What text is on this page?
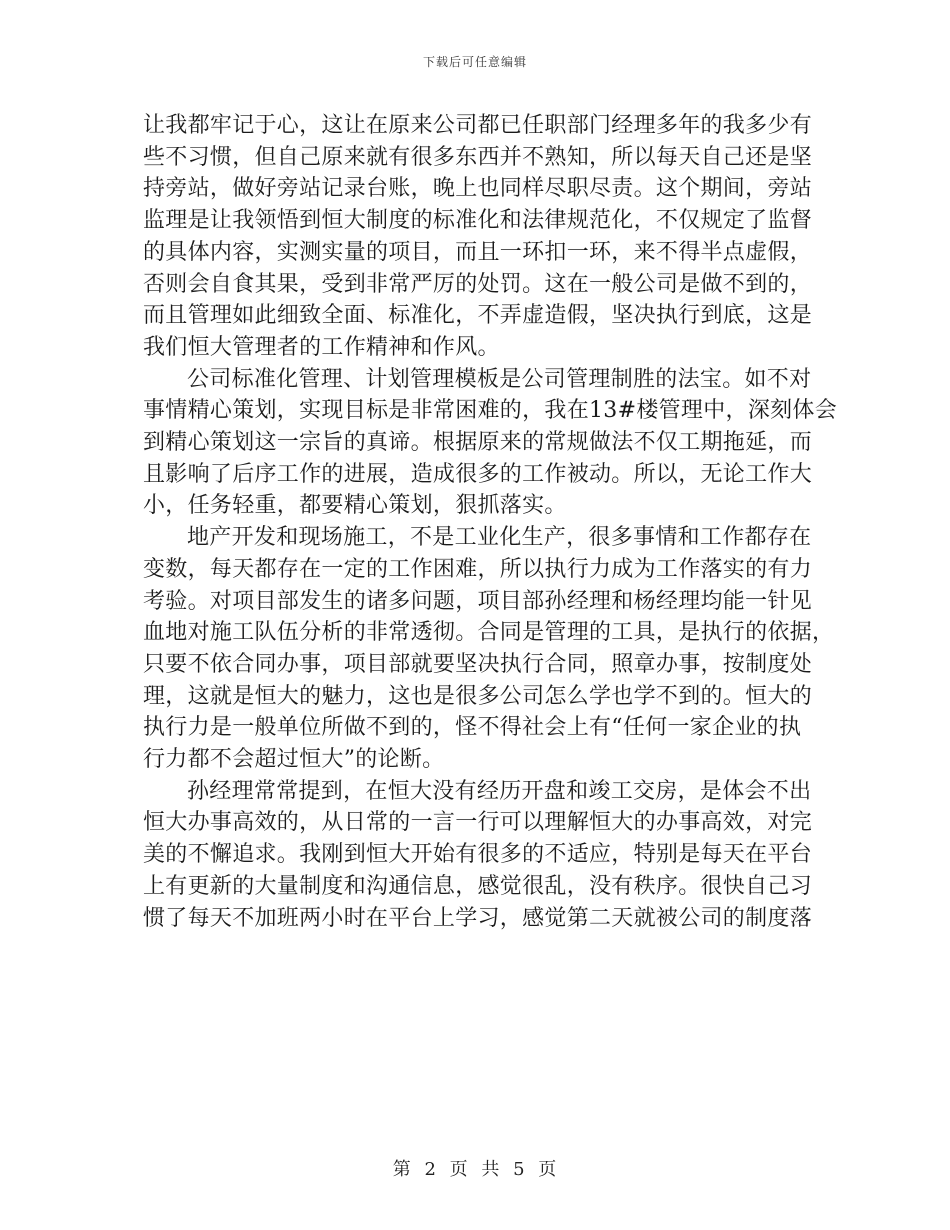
下载后可任意编辑
让我都牢记于心，这让在原来公司都已任职部门经理多年的我多少有
些不习惯，但自己原来就有很多东西并不熟知，所以每天自己还是坚
持旁站，做好旁站记录台账，晚上也同样尽职尽责。这个期间，旁站
监理是让我领悟到恒大制度的标准化和法律规范化，不仅规定了监督
的具体内容，实测实量的项目，而且一环扣一环，来不得半点虚假，
否则会自食其果，受到非常严厉的处罚。这在一般公司是做不到的，
而且管理如此细致全面、标准化，不弄虚造假，坚决执行到底，这是
我们恒大管理者的工作精神和作风。
公司标准化管理、计划管理模板是公司管理制胜的法宝。如不对
事情精心策划，实现目标是非常困难的，我在13#楼管理中，深刻体会
到精心策划这一宗旨的真谛。根据原来的常规做法不仅工期拖延，而
且影响了后序工作的进展，造成很多的工作被动。所以，无论工作大
小，任务轻重，都要精心策划，狠抓落实。
地产开发和现场施工，不是工业化生产，很多事情和工作都存在
变数，每天都存在一定的工作困难，所以执行力成为工作落实的有力
考验。对项目部发生的诸多问题，项目部孙经理和杨经理均能一针见
血地对施工队伍分析的非常透彻。合同是管理的工具，是执行的依据，
只要不依合同办事，项目部就要坚决执行合同，照章办事，按制度处
理，这就是恒大的魅力，这也是很多公司怎么学也学不到的。恒大的
执行力是一般单位所做不到的，怪不得社会上有“任何一家企业的执
行力都不会超过恒大”的论断。
孙经理常常提到，在恒大没有经历开盘和竣工交房，是体会不出
恒大办事高效的，从日常的一言一行可以理解恒大的办事高效，对完
美的不懈追求。我刚到恒大开始有很多的不适应，特别是每天在平台
上有更新的大量制度和沟通信息，感觉很乱，没有秩序。很快自己习
惯了每天不加班两小时在平台上学习，感觉第二天就被公司的制度落
第 2 页 共 5 页
